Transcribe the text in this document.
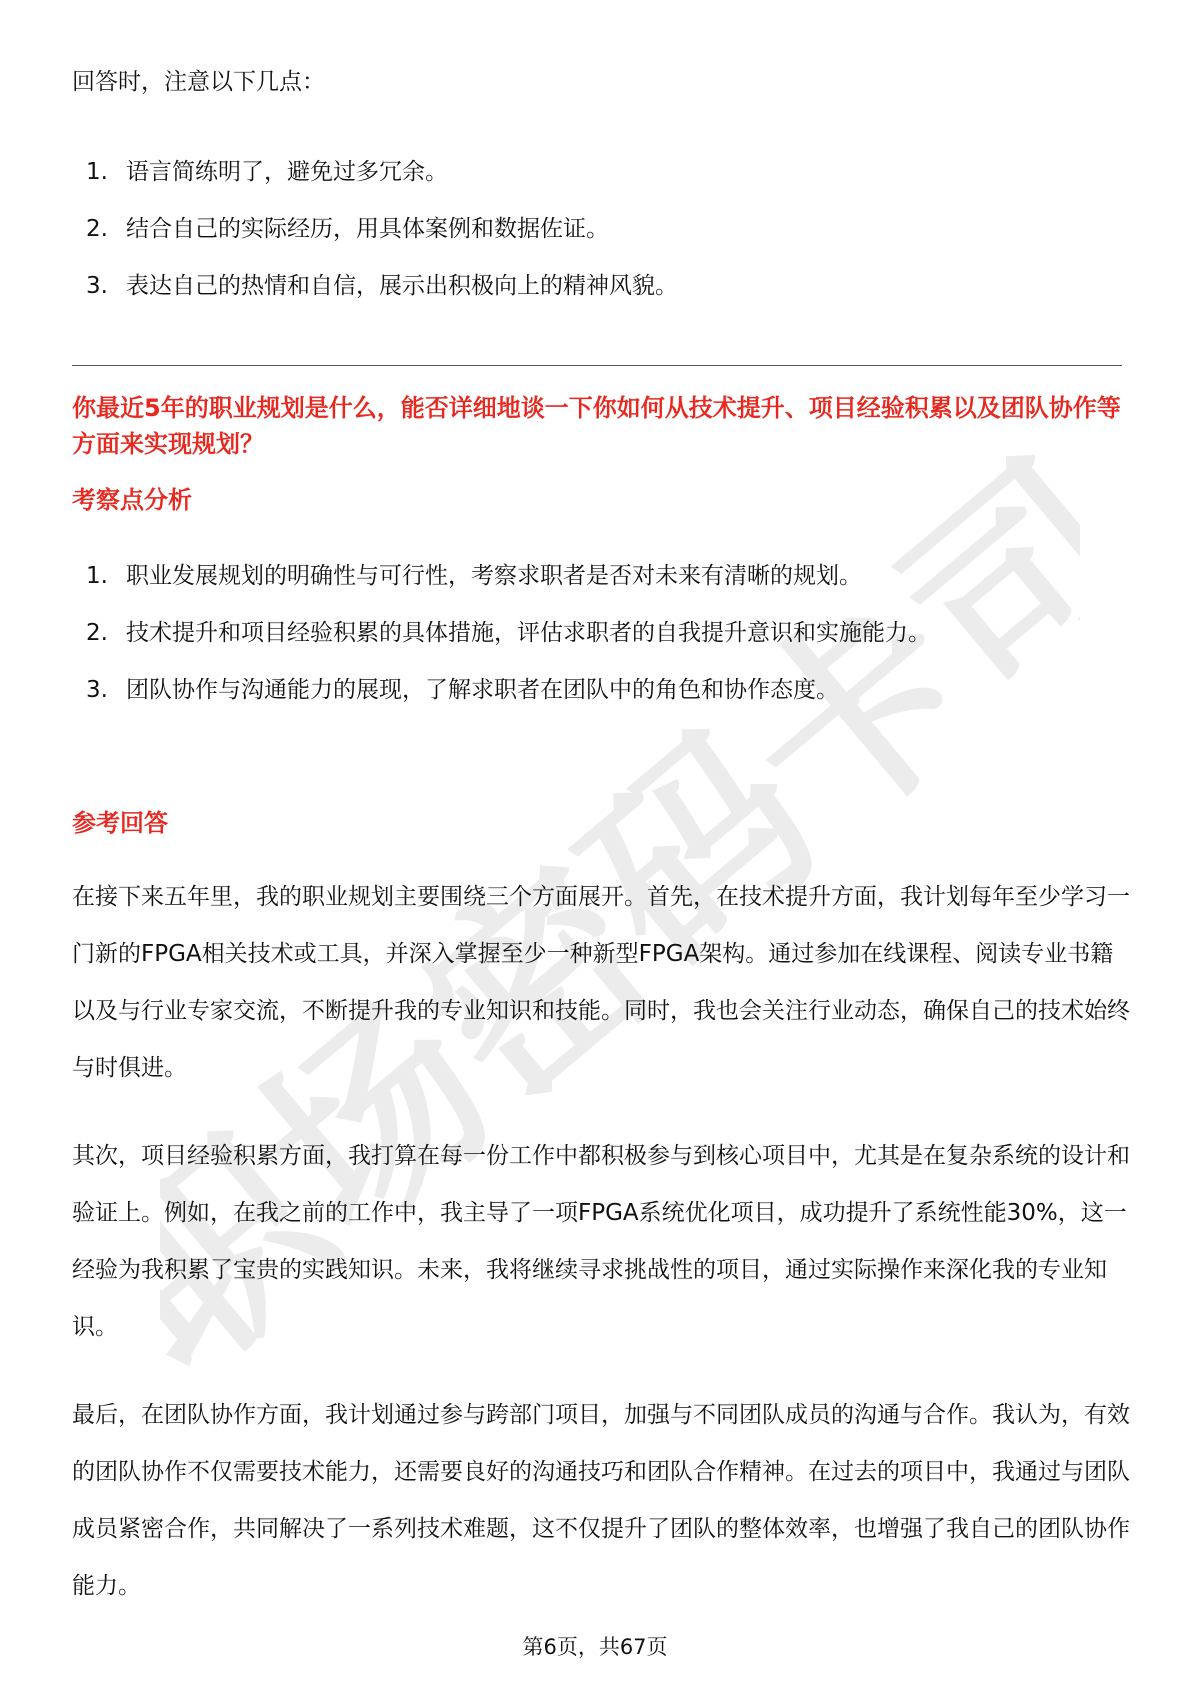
职场密码卡司

回答时，注意以下几点：

1. 语言简练明了，避免过多冗余。
2. 结合自己的实际经历，用具体案例和数据佐证。
3. 表达自己的热情和自信，展示出积极向上的精神风貌。
你最近5年的职业规划是什么，能否详细地谈一下你如何从技术提升、项目经验积累以及团队协作等方面来实现规划？
考察点分析
1. 职业发展规划的明确性与可行性，考察求职者是否对未来有清晰的规划。
2. 技术提升和项目经验积累的具体措施，评估求职者的自我提升意识和实施能力。
3. 团队协作与沟通能力的展现，了解求职者在团队中的角色和协作态度。
参考回答

在接下来五年里，我的职业规划主要围绕三个方面展开。首先，在技术提升方面，我计划每年至少学习一门新的FPGA相关技术或工具，并深入掌握至少一种新型FPGA架构。通过参加在线课程、阅读专业书籍以及与行业专家交流，不断提升我的专业知识和技能。同时，我也会关注行业动态，确保自己的技术始终与时俱进。

其次，项目经验积累方面，我打算在每一份工作中都积极参与到核心项目中，尤其是在复杂系统的设计和验证上。例如，在我之前的工作中，我主导了一项FPGA系统优化项目，成功提升了系统性能30%，这一经验为我积累了宝贵的实践知识。未来，我将继续寻求挑战性的项目，通过实际操作来深化我的专业知识。

最后，在团队协作方面，我计划通过参与跨部门项目，加强与不同团队成员的沟通与合作。我认为，有效的团队协作不仅需要技术能力，还需要良好的沟通技巧和团队合作精神。在过去的项目中，我通过与团队成员紧密合作，共同解决了一系列技术难题，这不仅提升了团队的整体效率，也增强了我自己的团队协作能力。

第6页，共67页
